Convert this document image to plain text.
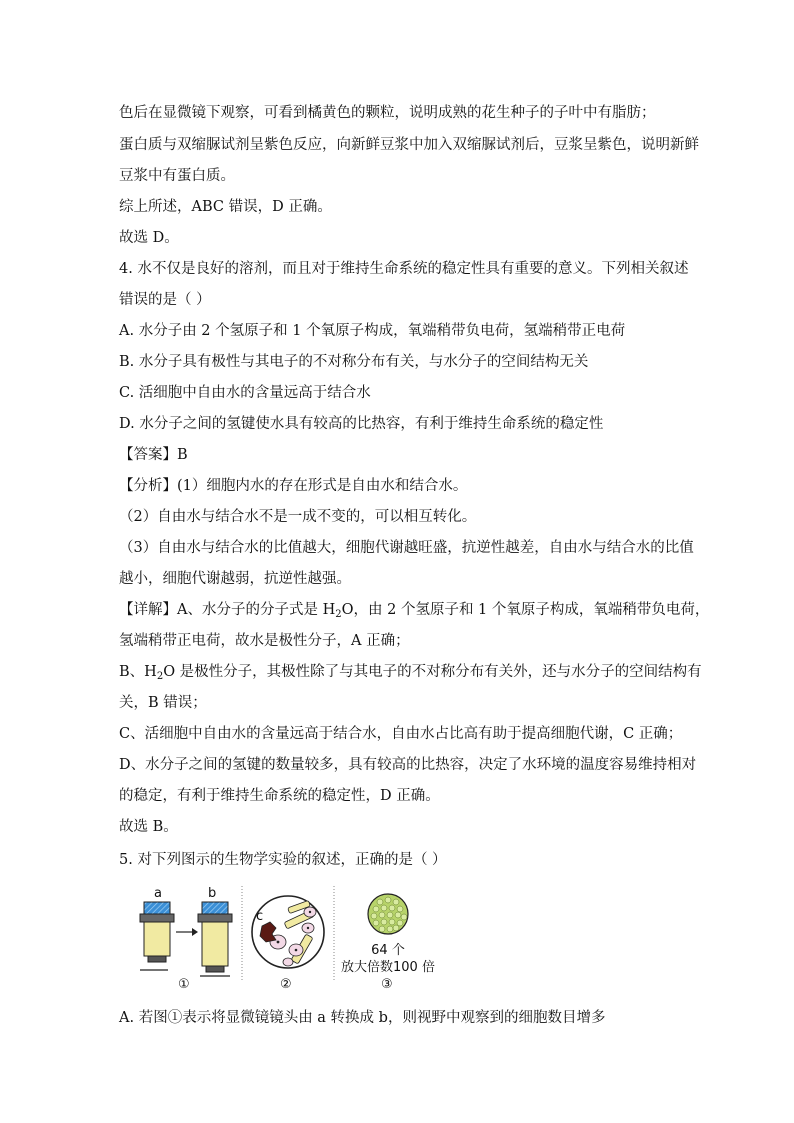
色后在显微镜下观察，可看到橘黄色的颗粒，说明成熟的花生种子的子叶中有脂肪；
蛋白质与双缩脲试剂呈紫色反应，向新鲜豆浆中加入双缩脲试剂后，豆浆呈紫色，说明新鲜
豆浆中有蛋白质。
综上所述，ABC 错误，D 正确。
故选 D。
4. 水不仅是良好的溶剂，而且对于维持生命系统的稳定性具有重要的意义。下列相关叙述
错误的是（ ）
A. 水分子由 2 个氢原子和 1 个氧原子构成，氧端稍带负电荷，氢端稍带正电荷
B. 水分子具有极性与其电子的不对称分布有关，与水分子的空间结构无关
C. 活细胞中自由水的含量远高于结合水
D. 水分子之间的氢键使水具有较高的比热容，有利于维持生命系统的稳定性
【答案】B
【分析】(1）细胞内水的存在形式是自由水和结合水。
（2）自由水与结合水不是一成不变的，可以相互转化。
（3）自由水与结合水的比值越大，细胞代谢越旺盛，抗逆性越差，自由水与结合水的比值
越小，细胞代谢越弱，抗逆性越强。
【详解】A、水分子的分子式是 $H_2O$，由 2 个氢原子和 1 个氧原子构成，氧端稍带负电荷，
氢端稍带正电荷，故水是极性分子，A 正确；
B、$H_2O$ 是极性分子，其极性除了与其电子的不对称分布有关外，还与水分子的空间结构有
关，B 错误；
C、活细胞中自由水的含量远高于结合水，自由水占比高有助于提高细胞代谢，C 正确；
D、水分子之间的氢键的数量较多，具有较高的比热容，决定了水环境的温度容易维持相对
的稳定，有利于维持生命系统的稳定性，D 正确。
故选 B。
5. 对下列图示的生物学实验的叙述，正确的是（ ）
a	b
①
c
②
64 个
放大倍数100 倍
③
A. 若图①表示将显微镜镜头由 a 转换成 b，则视野中观察到的细胞数目增多
